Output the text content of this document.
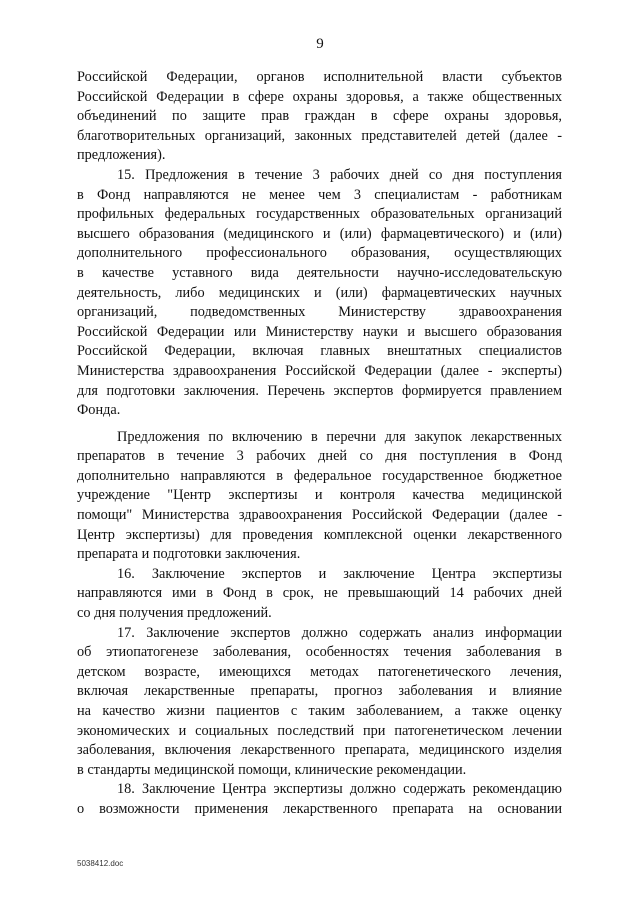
9
Российской Федерации, органов исполнительной власти субъектов
Российской Федерации в сфере охраны здоровья, а также общественных
объединений по защите прав граждан в сфере охраны здоровья,
благотворительных организаций, законных представителей детей (далее -
предложения).
15. Предложения в течение 3 рабочих дней со дня поступления
в Фонд направляются не менее чем 3 специалистам - работникам
профильных федеральных государственных образовательных организаций
высшего образования (медицинского и (или) фармацевтического) и (или)
дополнительного профессионального образования, осуществляющих
в качестве уставного вида деятельности научно-исследовательскую
деятельность, либо медицинских и (или) фармацевтических научных
организаций, подведомственных Министерству здравоохранения
Российской Федерации или Министерству науки и высшего образования
Российской Федерации, включая главных внештатных специалистов
Министерства здравоохранения Российской Федерации (далее - эксперты)
для подготовки заключения. Перечень экспертов формируется правлением
Фонда.
Предложения по включению в перечни для закупок лекарственных
препаратов в течение 3 рабочих дней со дня поступления в Фонд
дополнительно направляются в федеральное государственное бюджетное
учреждение "Центр экспертизы и контроля качества медицинской
помощи" Министерства здравоохранения Российской Федерации (далее -
Центр экспертизы) для проведения комплексной оценки лекарственного
препарата и подготовки заключения.
16. Заключение экспертов и заключение Центра экспертизы
направляются ими в Фонд в срок, не превышающий 14 рабочих дней
со дня получения предложений.
17. Заключение экспертов должно содержать анализ информации
об этиопатогенезе заболевания, особенностях течения заболевания в
детском возрасте, имеющихся методах патогенетического лечения,
включая лекарственные препараты, прогноз заболевания и влияние
на качество жизни пациентов с таким заболеванием, а также оценку
экономических и социальных последствий при патогенетическом лечении
заболевания, включения лекарственного препарата, медицинского изделия
в стандарты медицинской помощи, клинические рекомендации.
18. Заключение Центра экспертизы должно содержать рекомендацию
о возможности применения лекарственного препарата на основании
5038412.doc
